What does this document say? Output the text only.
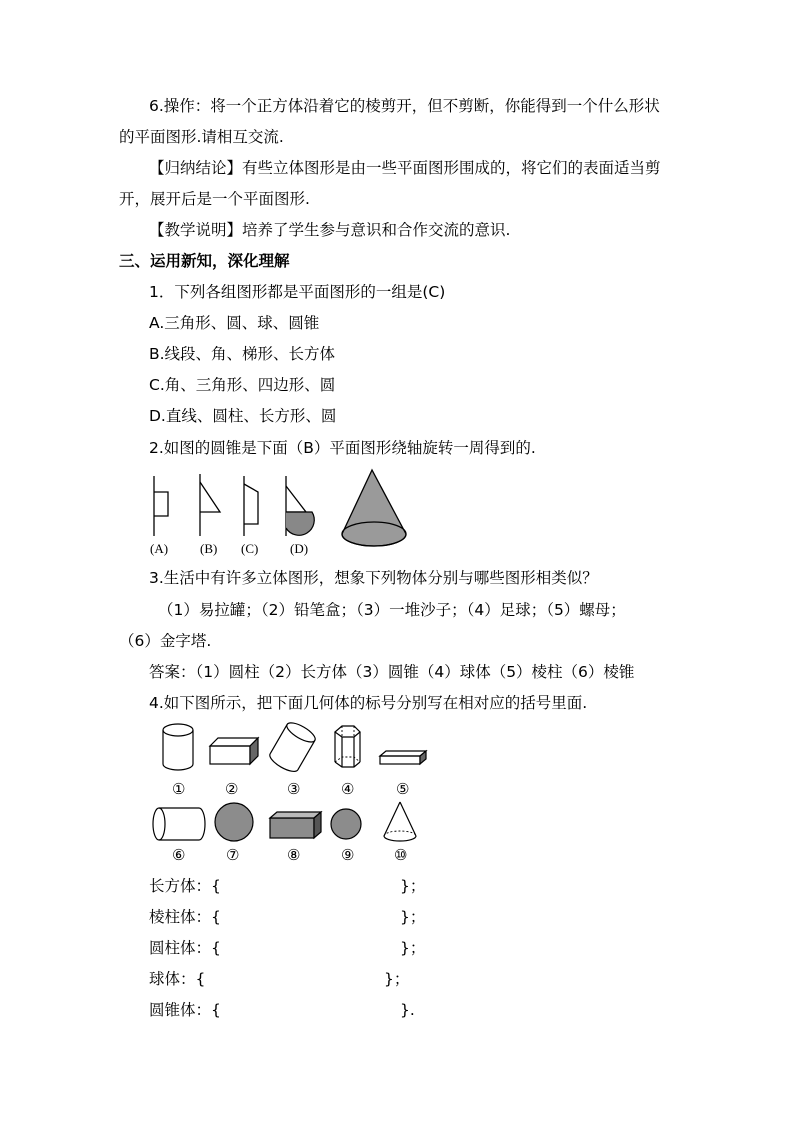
6.操作：将一个正方体沿着它的棱剪开，但不剪断，你能得到一个什么形状
的平面图形.请相互交流.
【归纳结论】有些立体图形是由一些平面图形围成的，将它们的表面适当剪
开，展开后是一个平面图形.
【教学说明】培养了学生参与意识和合作交流的意识.
三、运用新知，深化理解
1．下列各组图形都是平面图形的一组是(C)
A.三角形、圆、球、圆锥
B.线段、角、梯形、长方体
C.角、三角形、四边形、圆
D.直线、圆柱、长方形、圆
2.如图的圆锥是下面（B）平面图形绕轴旋转一周得到的.
(A) (B) (C) (D)
3.生活中有许多立体图形，想象下列物体分别与哪些图形相类似？
（1）易拉罐；（2）铅笔盒；（3）一堆沙子；（4）足球；（5）螺母；
（6）金字塔.
答案：（1）圆柱（2）长方体（3）圆锥（4）球体（5）棱柱（6）棱锥
4.如下图所示，把下面几何体的标号分别写在相对应的括号里面.
①	②	③	④	⑤
⑥	⑦	⑧	⑨	⑩
长方体：{	}；
棱柱体：{	}；
圆柱体：{	}；
球体：{	}；
圆锥体：{	}.
